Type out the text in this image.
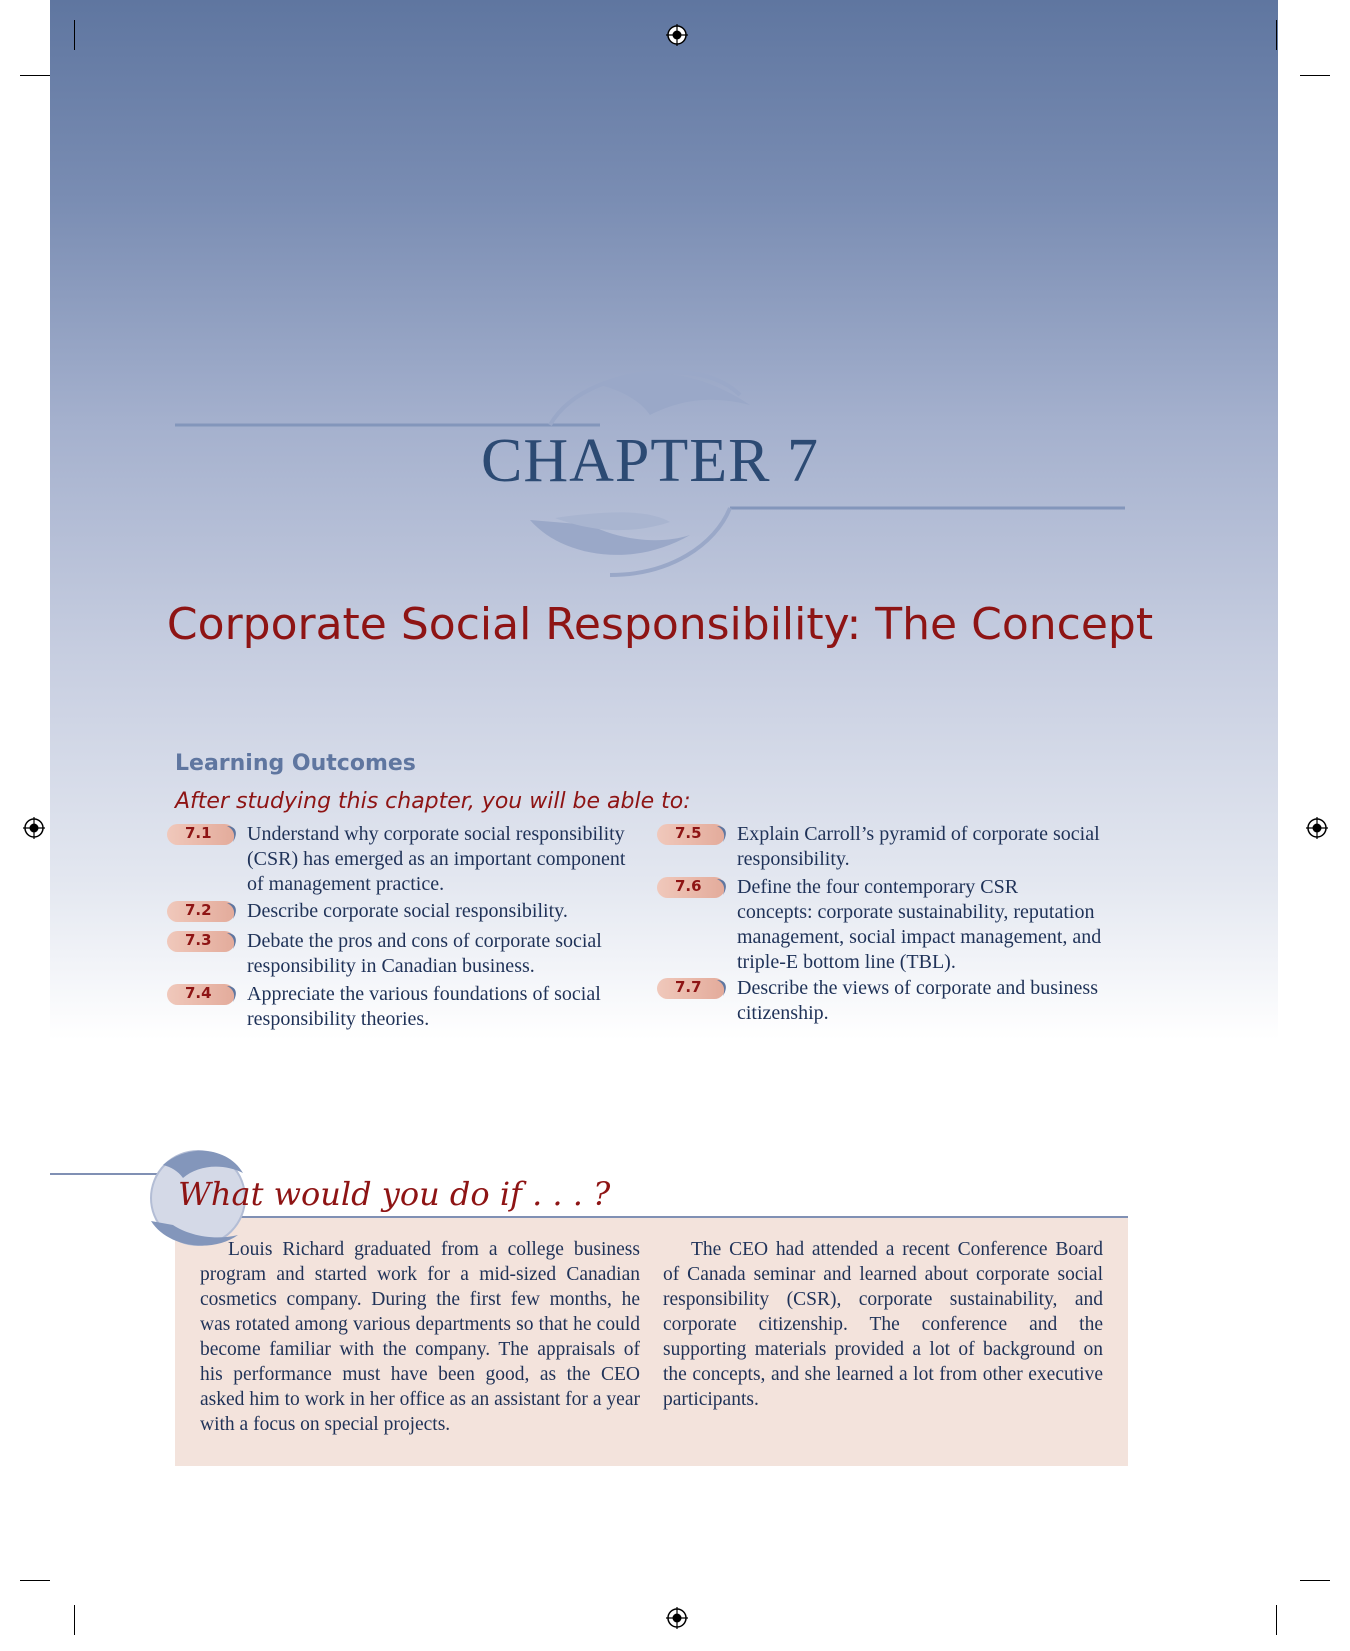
CHAPTER 7
Corporate Social Responsibility: The Concept
Learning Outcomes
After studying this chapter, you will be able to:
7.1 Understand why corporate social responsibility
(CSR) has emerged as an important component
of management practice.
7.2 Describe corporate social responsibility.
7.3 Debate the pros and cons of corporate social
responsibility in Canadian business.
7.4 Appreciate the various foundations of social
responsibility theories.
7.5 Explain Carroll’s pyramid of corporate social
responsibility.
7.6 Define the four contemporary CSR
concepts: corporate sustainability, reputation
management, social impact management, and
triple-E bottom line (TBL).
7.7 Describe the views of corporate and business
citizenship.
What would you do if . . . ?
Louis Richard graduated from a college business program and started work for a mid-sized Canadian cosmetics company. During the first few months, he was rotated among various departments so that he could become familiar with the company. The appraisals of his performance must have been good, as the CEO asked him to work in her office as an assistant for a year with a focus on special projects.
The CEO had attended a recent Conference Board of Canada seminar and learned about corporate social responsibility (CSR), corporate sustainability, and corporate citizenship. The conference and the supporting materials provided a lot of background on the concepts, and she learned a lot from other executive participants.
